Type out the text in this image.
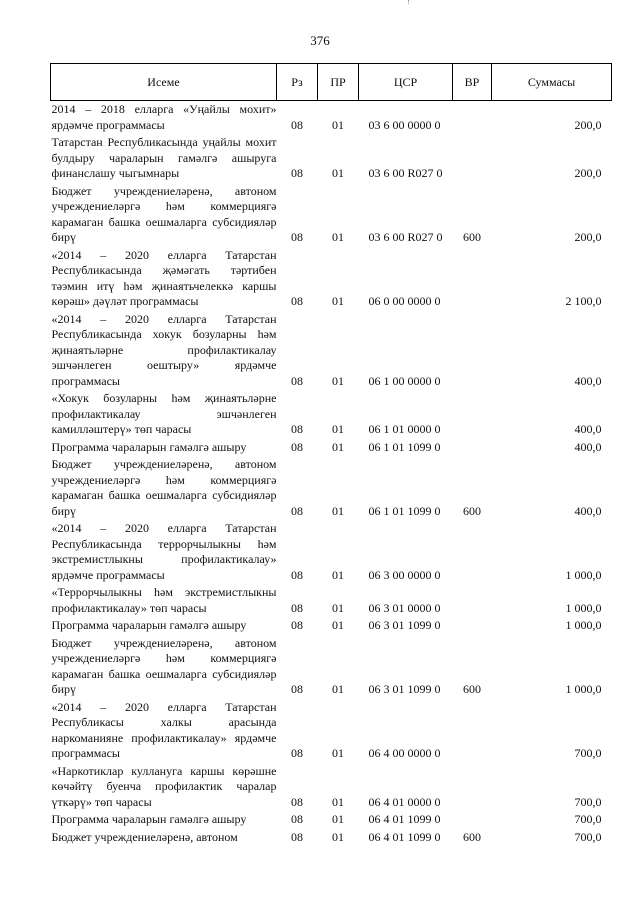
376
Исеме	Рз	ПР	ЦСР	ВР	Суммасы
2014 – 2018 елларга «Уңайлы мохит» ярдәмче программасы	08	01	03 6 00 0000 0		200,0
Татарстан Республикасында уңайлы мохит булдыру чараларын гамәлгә ашыруга финанслашу чыгымнары	08	01	03 6 00 R027 0		200,0
Бюджет учреждениеләренә, автоном учреждениеләргә һәм коммерциягә карамаган башка оешмаларга субсидияләр бирү	08	01	03 6 00 R027 0	600	200,0
«2014 – 2020 елларга Татарстан Республикасында җәмәгать тәртибен тәэмин итү һәм җинаятьчелеккә каршы көрәш» дәүләт программасы	08	01	06 0 00 0000 0		2 100,0
«2014 – 2020 елларга Татарстан Республикасында хокук бозуларны һәм җинаятьләрне профилактикалау эшчәнлеген оештыру» ярдәмче программасы	08	01	06 1 00 0000 0		400,0
«Хокук бозуларны һәм җинаятьләрне профилактикалау эшчәнлеген камилләштерү» төп чарасы	08	01	06 1 01 0000 0		400,0
Программа чараларын гамәлгә ашыру	08	01	06 1 01 1099 0		400,0
Бюджет учреждениеләренә, автоном учреждениеләргә һәм коммерциягә карамаган башка оешмаларга субсидияләр бирү	08	01	06 1 01 1099 0	600	400,0
«2014 – 2020 елларга Татарстан Республикасында террорчылыкны һәм экстремистлыкны профилактикалау» ярдәмче программасы	08	01	06 3 00 0000 0		1 000,0
«Террорчылыкны һәм экстремистлыкны профилактикалау» төп чарасы	08	01	06 3 01 0000 0		1 000,0
Программа чараларын гамәлгә ашыру	08	01	06 3 01 1099 0		1 000,0
Бюджет учреждениеләренә, автоном учреждениеләргә һәм коммерциягә карамаган башка оешмаларга субсидияләр бирү	08	01	06 3 01 1099 0	600	1 000,0
«2014 – 2020 елларга Татарстан Республикасы халкы арасында наркоманияне профилактикалау» ярдәмче программасы	08	01	06 4 00 0000 0		700,0
«Наркотиклар кулланугa каршы көрәшне көчәйтү буенча профилактик чаралар үткәрү» төп чарасы	08	01	06 4 01 0000 0		700,0
Программа чараларын гамәлгә ашыру	08	01	06 4 01 1099 0		700,0
Бюджет учреждениеләренә, автоном	08	01	06 4 01 1099 0	600	700,0
